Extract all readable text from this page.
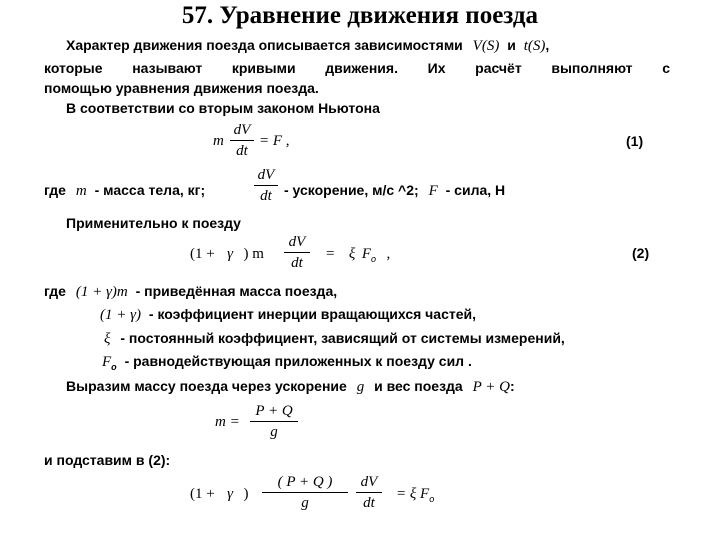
57. Уравнение движения поезда
Характер движения поезда описывается зависимостями V(S) и t(S),
которые называют кривыми движения. Их расчёт выполняют с
помощью уравнения движения поезда.
В соответствии со вторым законом Ньютона
m
dV
dt
= F ,	(1)
где m - масса тела, кг;
dV
dt - ускорение, м/с ^2; F - сила, Н
Применительно к поезду
(1 + γ ) m
dV
dt
= ξ $F_o$ ,	(2)
где (1 + γ)m - приведённая масса поезда,
(1 + γ) - коэффициент инерции вращающихся частей,
ξ - постоянный коэффициент, зависящий от системы измерений,
$F_o$ - равнодействующая приложенных к поезду сил .
Выразим массу поезда через ускорение g и вес поезда P + Q:
m =
P + Q
g
и подставим в (2):
(1 + γ )
( P + Q )
g
dV
dt
= ξ $F_o$
